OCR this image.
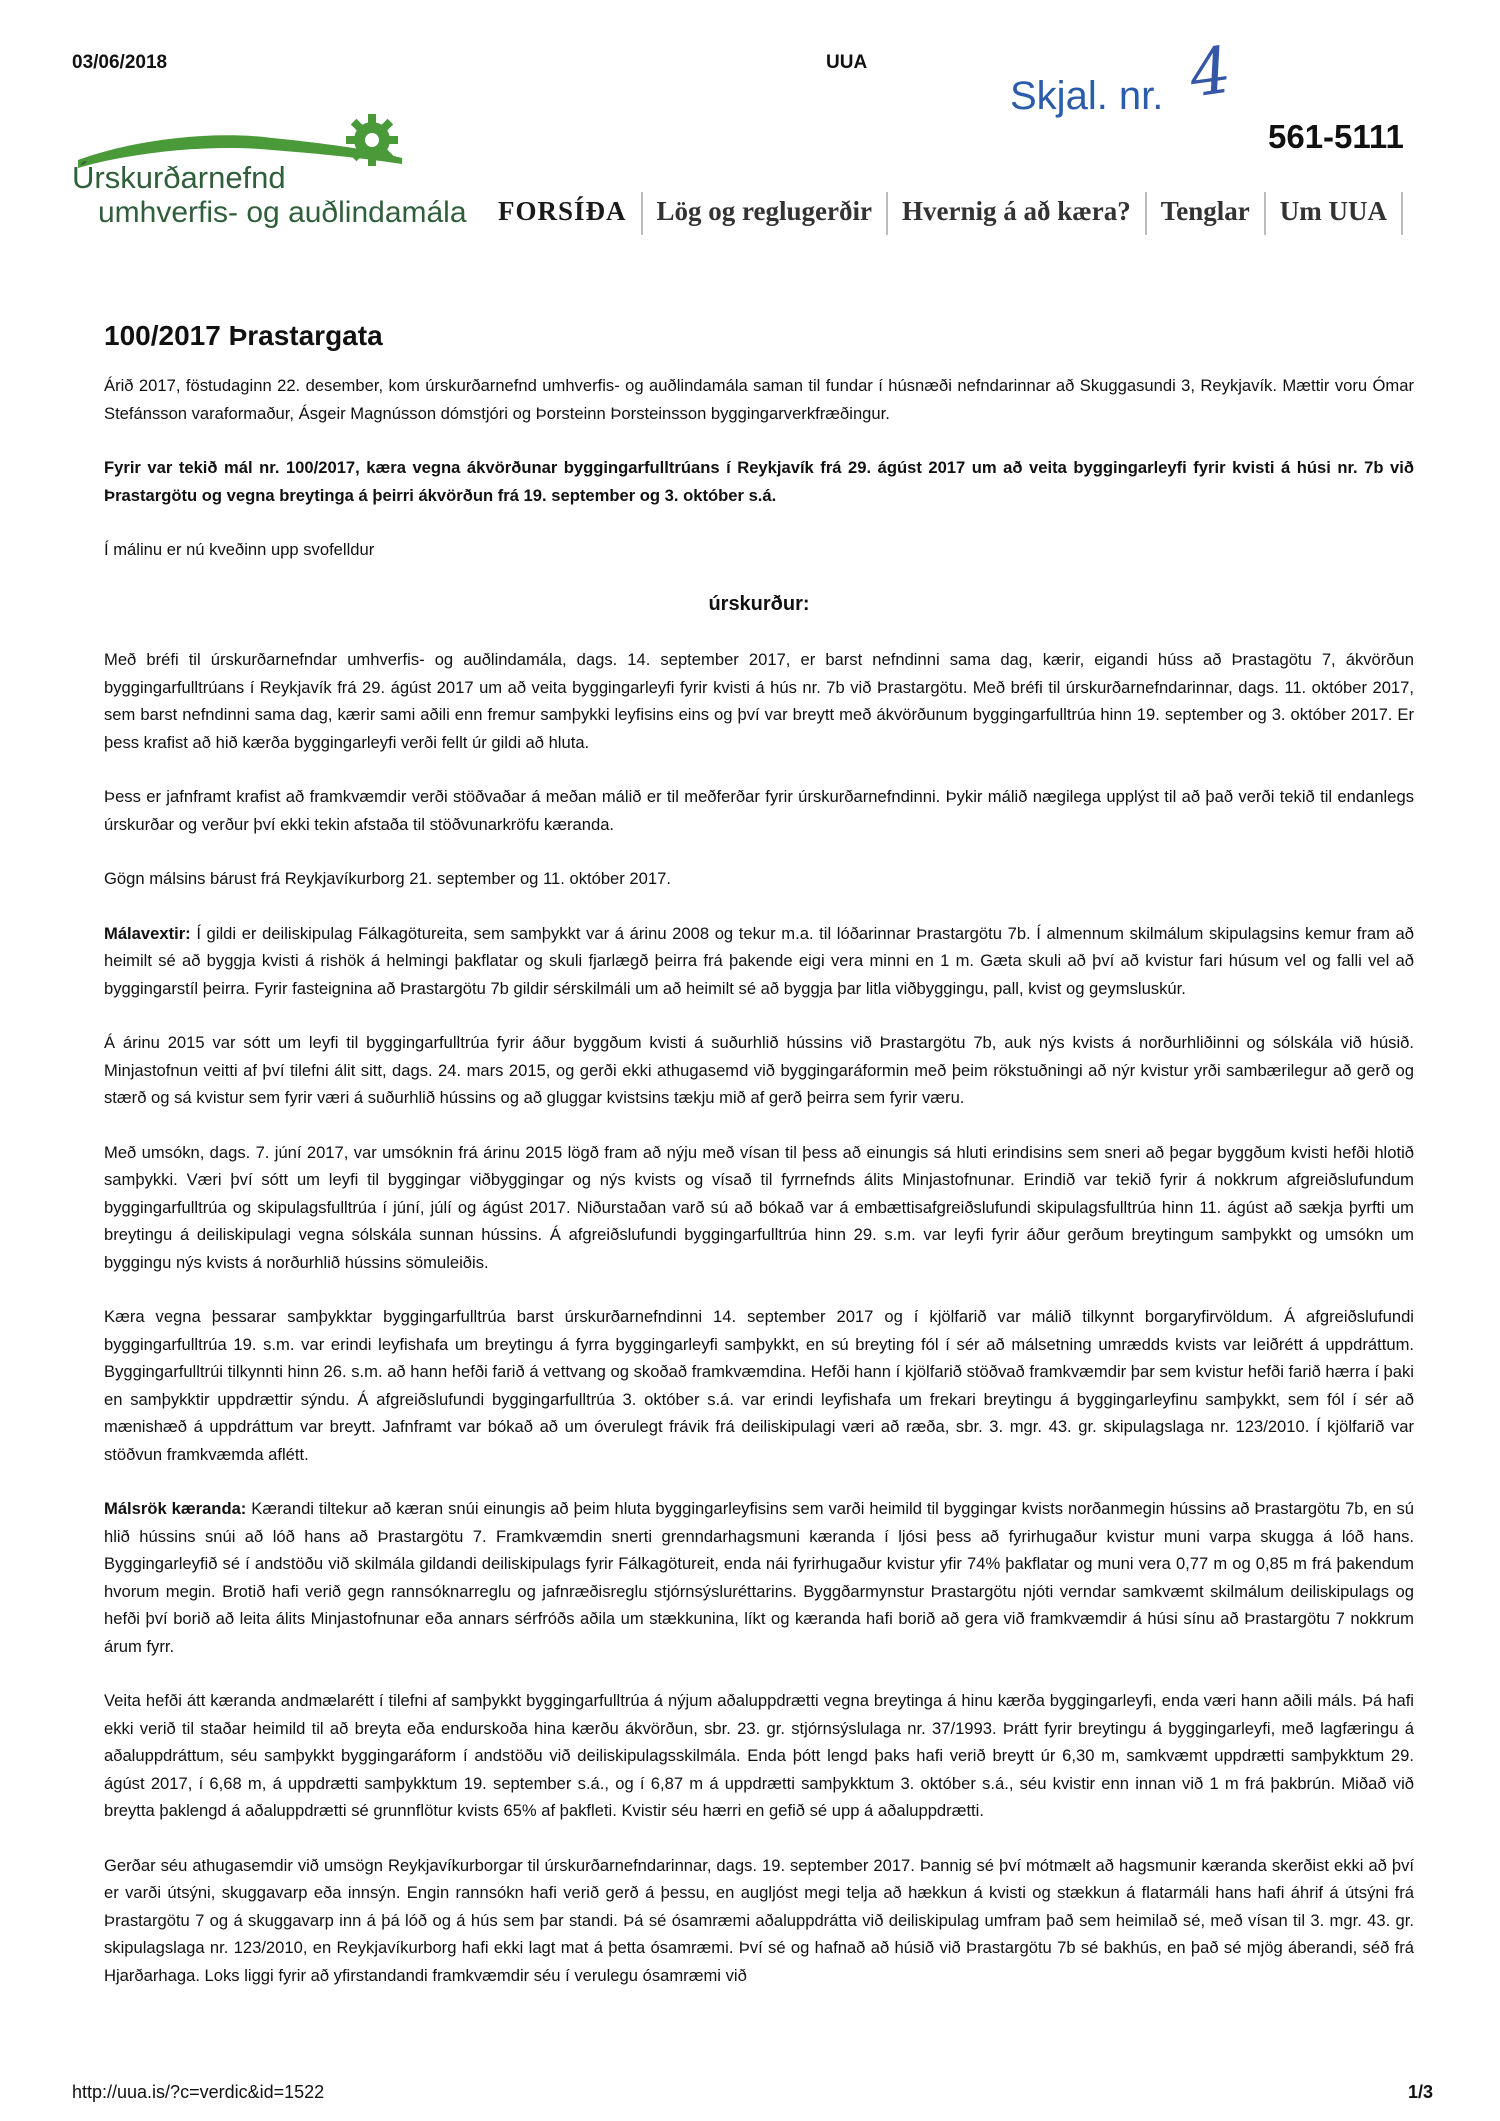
03/06/2018	UUA
Skjal. nr. 4
561-5111
Úrskurðarnefnd
umhverfis- og auðlindamála FORSÍÐA	Lög og reglugerðir	Hvernig á að kæra?	Tenglar	Um UUA
100/2017 Þrastargata

Árið 2017, föstudaginn 22. desember, kom úrskurðarnefnd umhverfis- og auðlindamála saman til fundar í húsnæði nefndarinnar að Skuggasundi 3, Reykjavík. Mættir voru Ómar Stefánsson varaformaður, Ásgeir Magnússon dómstjóri og Þorsteinn Þorsteinsson byggingarverkfræðingur.

Fyrir var tekið mál nr. 100/2017, kæra vegna ákvörðunar byggingarfulltrúans í Reykjavík frá 29. ágúst 2017 um að veita byggingarleyfi fyrir kvisti á húsi nr. 7b við Þrastargötu og vegna breytinga á þeirri ákvörðun frá 19. september og 3. október s.á.

Í málinu er nú kveðinn upp svofelldur

úrskurður:

Með bréfi til úrskurðarnefndar umhverfis- og auðlindamála, dags. 14. september 2017, er barst nefndinni sama dag, kærir, eigandi húss að Þrastagötu 7, ákvörðun byggingarfulltrúans í Reykjavík frá 29. ágúst 2017 um að veita byggingarleyfi fyrir kvisti á hús nr. 7b við Þrastargötu. Með bréfi til úrskurðarnefndarinnar, dags. 11. október 2017, sem barst nefndinni sama dag, kærir sami aðili enn fremur samþykki leyfisins eins og því var breytt með ákvörðunum byggingarfulltrúa hinn 19. september og 3. október 2017. Er þess krafist að hið kærða byggingarleyfi verði fellt úr gildi að hluta.

Þess er jafnframt krafist að framkvæmdir verði stöðvaðar á meðan málið er til meðferðar fyrir úrskurðarnefndinni. Þykir málið nægilega upplýst til að það verði tekið til endanlegs úrskurðar og verður því ekki tekin afstaða til stöðvunarkröfu kæranda.

Gögn málsins bárust frá Reykjavíkurborg 21. september og 11. október 2017.

Málavextir: Í gildi er deiliskipulag Fálkagötureita, sem samþykkt var á árinu 2008 og tekur m.a. til lóðarinnar Þrastargötu 7b. Í almennum skilmálum skipulagsins kemur fram að heimilt sé að byggja kvisti á rishök á helmingi þakflatar og skuli fjarlægð þeirra frá þakende eigi vera minni en 1 m. Gæta skuli að því að kvistur fari húsum vel og falli vel að byggingarstíl þeirra. Fyrir fasteignina að Þrastargötu 7b gildir sérskilmáli um að heimilt sé að byggja þar litla viðbyggingu, pall, kvist og geymsluskúr.

Á árinu 2015 var sótt um leyfi til byggingarfulltrúa fyrir áður byggðum kvisti á suðurhlið hússins við Þrastargötu 7b, auk nýs kvists á norðurhliðinni og sólskála við húsið. Minjastofnun veitti af því tilefni álit sitt, dags. 24. mars 2015, og gerði ekki athugasemd við byggingaráformin með þeim rökstuðningi að nýr kvistur yrði sambærilegur að gerð og stærð og sá kvistur sem fyrir væri á suðurhlið hússins og að gluggar kvistsins tækju mið af gerð þeirra sem fyrir væru.

Með umsókn, dags. 7. júní 2017, var umsóknin frá árinu 2015 lögð fram að nýju með vísan til þess að einungis sá hluti erindisins sem sneri að þegar byggðum kvisti hefði hlotið samþykki. Væri því sótt um leyfi til byggingar viðbyggingar og nýs kvists og vísað til fyrrnefnds álits Minjastofnunar. Erindið var tekið fyrir á nokkrum afgreiðslufundum byggingarfulltrúa og skipulagsfulltrúa í júní, júlí og ágúst 2017. Niðurstaðan varð sú að bókað var á embættisafgreiðslufundi skipulagsfulltrúa hinn 11. ágúst að sækja þyrfti um breytingu á deiliskipulagi vegna sólskála sunnan hússins. Á afgreiðslufundi byggingarfulltrúa hinn 29. s.m. var leyfi fyrir áður gerðum breytingum samþykkt og umsókn um byggingu nýs kvists á norðurhlið hússins sömuleiðis.

Kæra vegna þessarar samþykktar byggingarfulltrúa barst úrskurðarnefndinni 14. september 2017 og í kjölfarið var málið tilkynnt borgaryfirvöldum. Á afgreiðslufundi byggingarfulltrúa 19. s.m. var erindi leyfishafa um breytingu á fyrra byggingarleyfi samþykkt, en sú breyting fól í sér að málsetning umrædds kvists var leiðrétt á uppdráttum. Byggingarfulltrúi tilkynnti hinn 26. s.m. að hann hefði farið á vettvang og skoðað framkvæmdina. Hefði hann í kjölfarið stöðvað framkvæmdir þar sem kvistur hefði farið hærra í þaki en samþykktir uppdrættir sýndu. Á afgreiðslufundi byggingarfulltrúa 3. október s.á. var erindi leyfishafa um frekari breytingu á byggingarleyfinu samþykkt, sem fól í sér að mænishæð á uppdráttum var breytt. Jafnframt var bókað að um óverulegt frávik frá deiliskipulagi væri að ræða, sbr. 3. mgr. 43. gr. skipulagslaga nr. 123/2010. Í kjölfarið var stöðvun framkvæmda aflétt.

Málsrök kæranda: Kærandi tiltekur að kæran snúi einungis að þeim hluta byggingarleyfisins sem varði heimild til byggingar kvists norðanmegin hússins að Þrastargötu 7b, en sú hlið hússins snúi að lóð hans að Þrastargötu 7. Framkvæmdin snerti grenndarhagsmuni kæranda í ljósi þess að fyrirhugaður kvistur muni varpa skugga á lóð hans. Byggingarleyfið sé í andstöðu við skilmála gildandi deiliskipulags fyrir Fálkagötureit, enda nái fyrirhugaður kvistur yfir 74% þakflatar og muni vera 0,77 m og 0,85 m frá þakendum hvorum megin. Brotið hafi verið gegn rannsóknarreglu og jafnræðisreglu stjórnsýsluréttarins. Byggðarmynstur Þrastargötu njóti verndar samkvæmt skilmálum deiliskipulags og hefði því borið að leita álits Minjastofnunar eða annars sérfróðs aðila um stækkunina, líkt og kæranda hafi borið að gera við framkvæmdir á húsi sínu að Þrastargötu 7 nokkrum árum fyrr.

Veita hefði átt kæranda andmælarétt í tilefni af samþykkt byggingarfulltrúa á nýjum aðaluppdrætti vegna breytinga á hinu kærða byggingarleyfi, enda væri hann aðili máls. Þá hafi ekki verið til staðar heimild til að breyta eða endurskoða hina kærðu ákvörðun, sbr. 23. gr. stjórnsýslulaga nr. 37/1993. Þrátt fyrir breytingu á byggingarleyfi, með lagfæringu á aðaluppdráttum, séu samþykkt byggingaráform í andstöðu við deiliskipulagsskilmála. Enda þótt lengd þaks hafi verið breytt úr 6,30 m, samkvæmt uppdrætti samþykktum 29. ágúst 2017, í 6,68 m, á uppdrætti samþykktum 19. september s.á., og í 6,87 m á uppdrætti samþykktum 3. október s.á., séu kvistir enn innan við 1 m frá þakbrún. Miðað við breytta þaklengd á aðaluppdrætti sé grunnflötur kvists 65% af þakfleti. Kvistir séu hærri en gefið sé upp á aðaluppdrætti.

Gerðar séu athugasemdir við umsögn Reykjavíkurborgar til úrskurðarnefndarinnar, dags. 19. september 2017. Þannig sé því mótmælt að hagsmunir kæranda skerðist ekki að því er varði útsýni, skuggavarp eða innsýn. Engin rannsókn hafi verið gerð á þessu, en augljóst megi telja að hækkun á kvisti og stækkun á flatarmáli hans hafi áhrif á útsýni frá Þrastargötu 7 og á skuggavarp inn á þá lóð og á hús sem þar standi. Þá sé ósamræmi aðaluppdrátta við deiliskipulag umfram það sem heimilað sé, með vísan til 3. mgr. 43. gr. skipulagslaga nr. 123/2010, en Reykjavíkurborg hafi ekki lagt mat á þetta ósamræmi. Því sé og hafnað að húsið við Þrastargötu 7b sé bakhús, en það sé mjög áberandi, séð frá Hjarðarhaga. Loks liggi fyrir að yfirstandandi framkvæmdir séu í verulegu ósamræmi við

http://uua.is/?c=verdic&id=1522	1/3
